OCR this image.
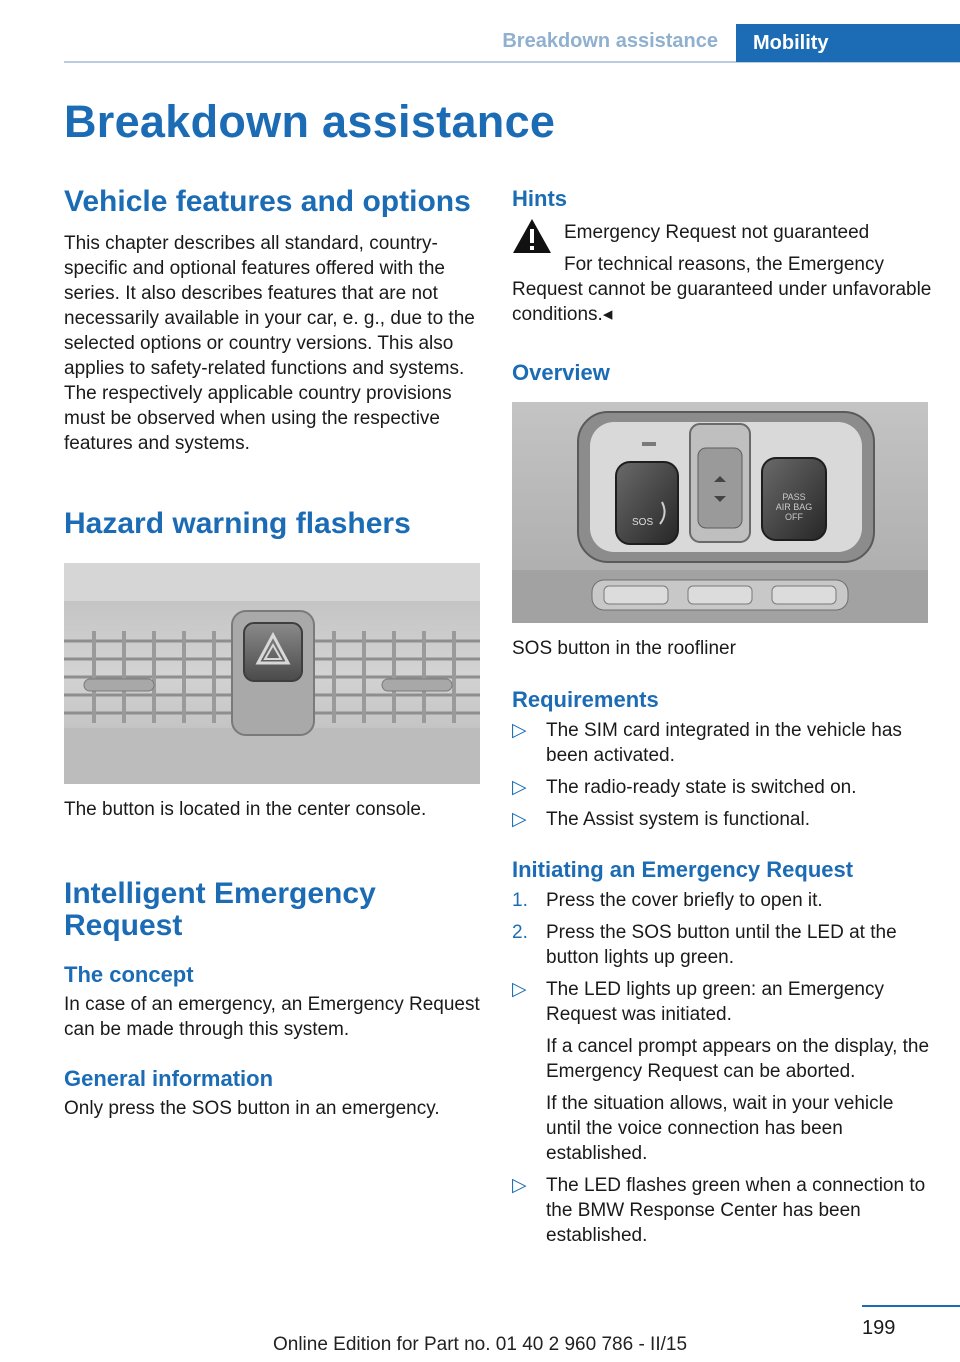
Breakdown assistance	Mobility
Breakdown assistance
Vehicle features and options

This chapter describes all standard, country-specific and optional features offered with the series. It also describes features that are not necessarily available in your car, e. g., due to the selected options or country versions. This also applies to safety-related functions and systems. The respectively applicable country provisions must be observed when using the respective features and systems.

Hazard warning flashers

The button is located in the center console.

Intelligent Emergency Request
The concept

In case of an emergency, an Emergency Request can be made through this system.

General information

Only press the SOS button in an emergency.

Hints

Emergency Request not guaranteed

For technical reasons, the Emergency

Request cannot be guaranteed under unfavorable conditions.◂

Overview
SOS
PASS
AIR BAG
OFF

SOS button in the roofliner

Requirements
▷ The SIM card integrated in the vehicle has been activated.
▷ The radio-ready state is switched on.
▷ The Assist system is functional.
Initiating an Emergency Request
1. Press the cover briefly to open it.
2. Press the SOS button until the LED at the button lights up green.
▷ The LED lights up green: an Emergency Request was initiated.
If a cancel prompt appears on the display, the Emergency Request can be aborted.
If the situation allows, wait in your vehicle until the voice connection has been established.
▷ The LED flashes green when a connection to the BMW Response Center has been established.
199
Online Edition for Part no. 01 40 2 960 786 - II/15
